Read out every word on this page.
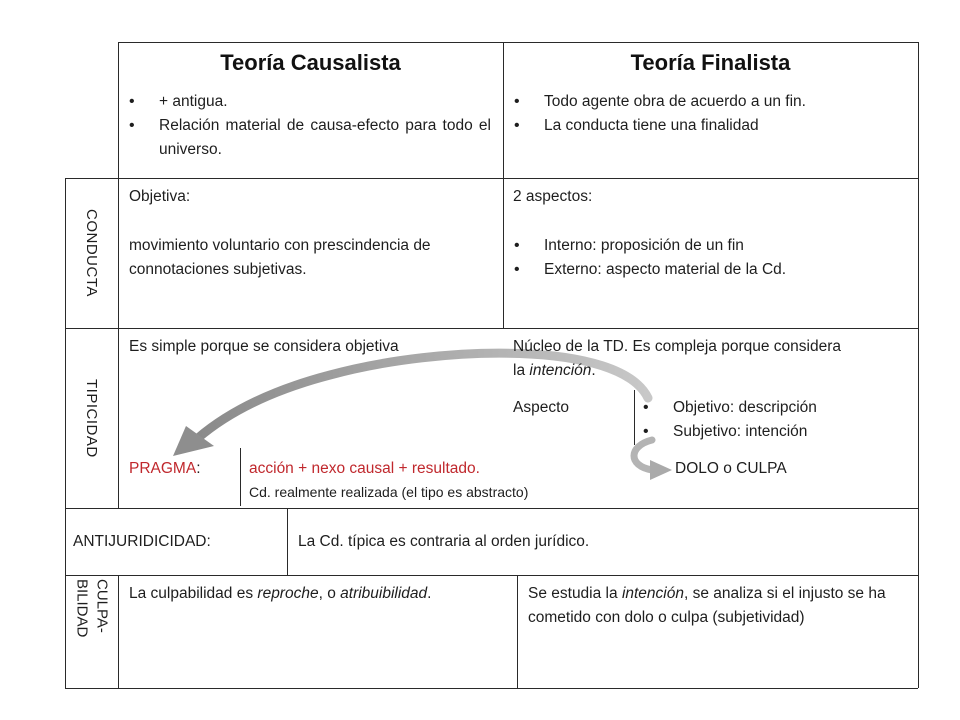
Teoría Causalista	Teoría Finalista
• + antigua.
• Relación material de causa-efecto para todo el universo.
• Todo agente obra de acuerdo a un fin.
• La conducta tiene una finalidad
CONDUCTA
Objetiva:
movimiento voluntario con prescindencia de connotaciones subjetivas.
2 aspectos:
• Interno: proposición de un fin
• Externo: aspecto material de la Cd.
TIPICIDAD
Es simple porque se considera objetiva	Núcleo de la TD. Es compleja porque considera la intención.
Aspecto
•	Objetivo: descripción
• Subjetivo: intención
PRAGMA:	acción + nexo causal + resultado.
Cd. realmente realizada (el tipo es abstracto)
DOLO o CULPA
ANTIJURIDICIDAD:	La Cd. típica es contraria al orden jurídico.
CULPA-
BILIDAD	La culpabilidad es reproche, o atribuibilidad.	Se estudia la intención, se analiza si el injusto se ha cometido con dolo o culpa (subjetividad)
